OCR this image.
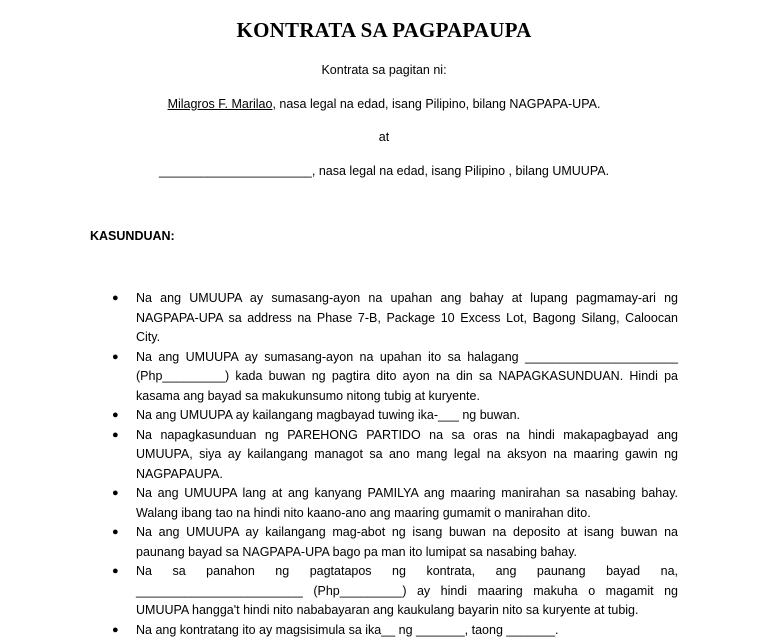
KONTRATA SA PAGPAPAUPA
Kontrata sa pagitan ni:
Milagros F. Marilao, nasa legal na edad, isang Pilipino, bilang NAGPAPA-UPA.
at
______________________, nasa legal na edad, isang Pilipino , bilang UMUUPA.
KASUNDUAN:
● Na ang UMUUPA ay sumasang-ayon na upahan ang bahay at lupang pagmamay-ari ng NAGPAPA-UPA sa address na Phase 7-B, Package 10 Excess Lot, Bagong Silang, Caloocan City.
● Na ang UMUUPA ay sumasang-ayon na upahan ito sa halagang ______________________ (Php_________) kada buwan ng pagtira dito ayon na din sa NAPAGKASUNDUAN. Hindi pa kasama ang bayad sa makukunsumo nitong tubig at kuryente.
● Na ang UMUUPA ay kailangang magbayad tuwing ika-___ ng buwan.
● Na napagkasunduan ng PAREHONG PARTIDO na sa oras na hindi makapagbayad ang UMUUPA, siya ay kailangang managot sa ano mang legal na aksyon na maaring gawin ng NAGPAPAUPA.
● Na ang UMUUPA lang at ang kanyang PAMILYA ang maaring manirahan sa nasabing bahay. Walang ibang tao na hindi nito kaano-ano ang maaring gumamit o manirahan dito.
● Na ang UMUUPA ay kailangang mag-abot ng isang buwan na deposito at isang buwan na paunang bayad sa NAGPAPA-UPA bago pa man ito lumipat sa nasabing bahay.
● Na sa panahon ng pagtatapos ng kontrata, ang paunang bayad na, ________________________ (Php_________) ay hindi maaring makuha o magamit ng UMUUPA hangga't hindi nito nababayaran ang kaukulang bayarin nito sa kuryente at tubig.
● Na ang kontratang ito ay magsisimula sa ika__ ng _______, taong _______.
